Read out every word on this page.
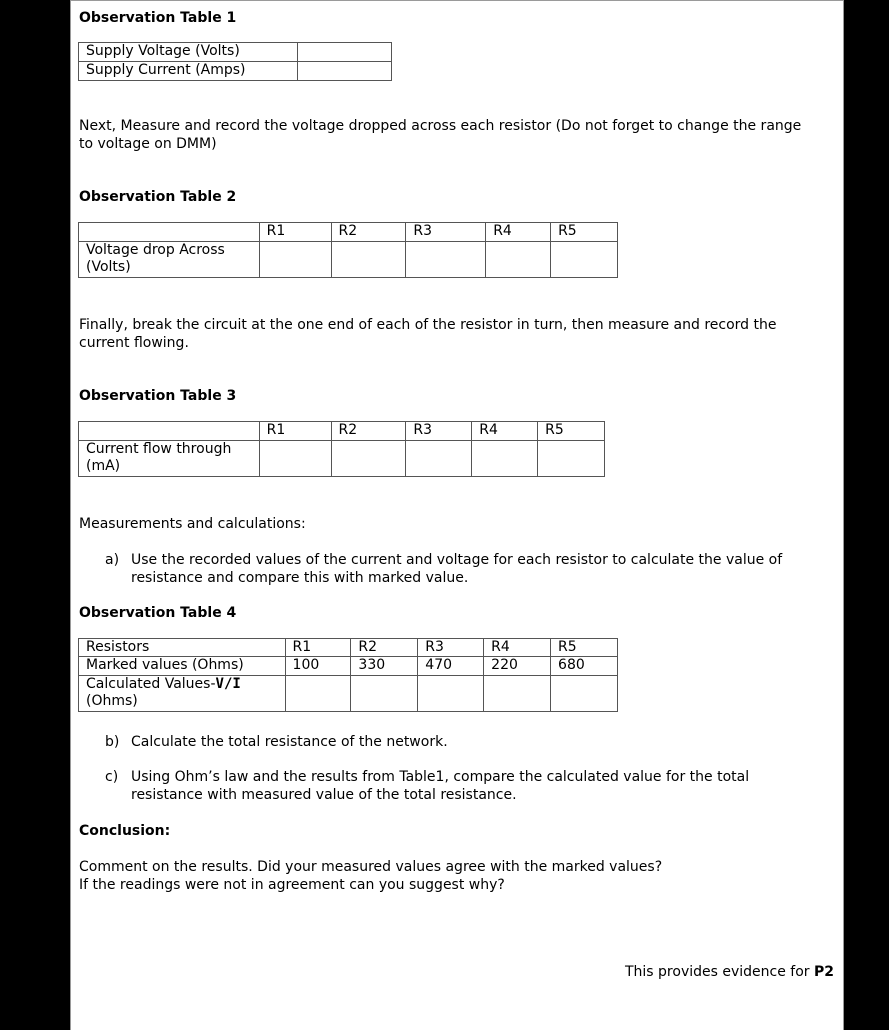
Observation Table 1
Supply Voltage (Volts)	
Supply Current (Amps)	
Next, Measure and record the voltage dropped across each resistor (Do not forget to change the range to voltage on DMM)
Observation Table 2
	R1	R2	R3	R4	R5
Voltage drop Across (Volts)					
Finally, break the circuit at the one end of each of the resistor in turn, then measure and record the current flowing.
Observation Table 3
	R1	R2	R3	R4	R5
Current flow through (mA)					
Measurements and calculations:
a) Use the recorded values of the current and voltage for each resistor to calculate the value of resistance and compare this with marked value.
Observation Table 4
Resistors	R1	R2	R3	R4	R5
Marked values (Ohms)	100	330	470	220	680
Calculated Values-V/I
(Ohms)					
b) Calculate the total resistance of the network.
c) Using Ohm’s law and the results from Table1, compare the calculated value for the total resistance with measured value of the total resistance.
Conclusion:
Comment on the results. Did your measured values agree with the marked values?
If the readings were not in agreement can you suggest why?
This provides evidence for P2
